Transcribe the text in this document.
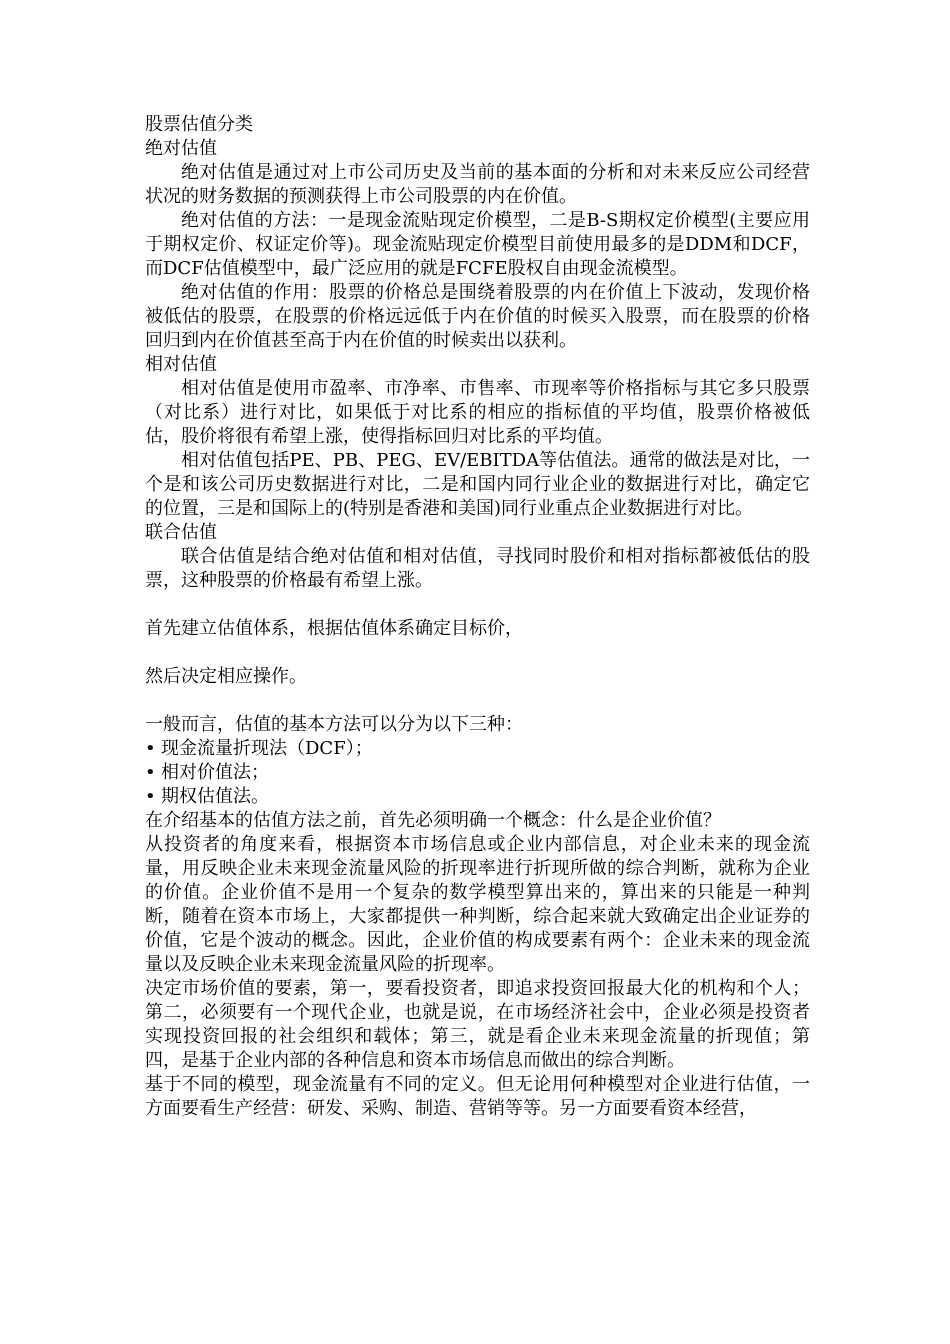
股票估值分类

绝对估值

绝对估值是通过对上市公司历史及当前的基本面的分析和对未来反应公司经营状况的财务数据的预测获得上市公司股票的内在价值。

绝对估值的方法：一是现金流贴现定价模型，二是B-S期权定价模型(主要应用于期权定价、权证定价等)。现金流贴现定价模型目前使用最多的是DDM和DCF，而DCF估值模型中，最广泛应用的就是FCFE股权自由现金流模型。

绝对估值的作用：股票的价格总是围绕着股票的内在价值上下波动，发现价格被低估的股票，在股票的价格远远低于内在价值的时候买入股票，而在股票的价格回归到内在价值甚至高于内在价值的时候卖出以获利。

相对估值

相对估值是使用市盈率、市净率、市售率、市现率等价格指标与其它多只股票（对比系）进行对比，如果低于对比系的相应的指标值的平均值，股票价格被低估，股价将很有希望上涨，使得指标回归对比系的平均值。

相对估值包括PE、PB、PEG、EV/EBITDA等估值法。通常的做法是对比，一个是和该公司历史数据进行对比，二是和国内同行业企业的数据进行对比，确定它的位置，三是和国际上的(特别是香港和美国)同行业重点企业数据进行对比。

联合估值

联合估值是结合绝对估值和相对估值，寻找同时股价和相对指标都被低估的股票，这种股票的价格最有希望上涨。

首先建立估值体系，根据估值体系确定目标价，

然后决定相应操作。

一般而言，估值的基本方法可以分为以下三种：

• 现金流量折现法（DCF）；
• 相对价值法；
• 期权估值法。

在介绍基本的估值方法之前，首先必须明确一个概念：什么是企业价值？

从投资者的角度来看，根据资本市场信息或企业内部信息，对企业未来的现金流量，用反映企业未来现金流量风险的折现率进行折现所做的综合判断，就称为企业的价值。企业价值不是用一个复杂的数学模型算出来的，算出来的只能是一种判断，随着在资本市场上，大家都提供一种判断，综合起来就大致确定出企业证券的价值，它是个波动的概念。因此，企业价值的构成要素有两个：企业未来的现金流量以及反映企业未来现金流量风险的折现率。

决定市场价值的要素，第一，要看投资者，即追求投资回报最大化的机构和个人；第二，必须要有一个现代企业，也就是说，在市场经济社会中，企业必须是投资者实现投资回报的社会组织和载体；第三，就是看企业未来现金流量的折现值；第四，是基于企业内部的各种信息和资本市场信息而做出的综合判断。

基于不同的模型，现金流量有不同的定义。但无论用何种模型对企业进行估值，一方面要看生产经营：研发、采购、制造、营销等等。另一方面要看资本经营，
